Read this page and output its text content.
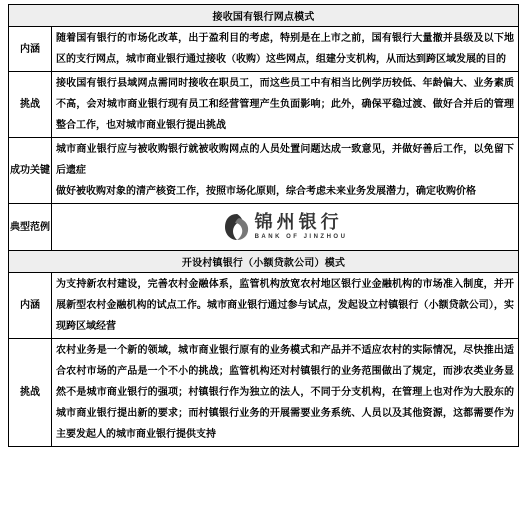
接收国有银行网点模式	
内涵	随着国有银行的市场化改革，出于盈利目的考虑，特别是在上市之前，国有银行大量撤并县级及以下地区的支行网点，城市商业银行通过接收（收购）这些网点，组建分支机构，从而达到跨区域发展的目的
挑战	接收国有银行县域网点需同时接收在职员工，而这些员工中有相当比例学历较低、年龄偏大、业务素质不高，会对城市商业银行现有员工和经营管理产生负面影响；此外，确保平稳过渡、做好合并后的管理整合工作，也对城市商业银行提出挑战
成功关键	城市商业银行应与被收购银行就被收购网点的人员处置问题达成一致意见，并做好善后工作，以免留下后遗症
做好被收购对象的清产核资工作，按照市场化原则，综合考虑未来业务发展潜力，确定收购价格

典型范例	锦州银行
BANK OF JINZHOU

开设村镇银行（小额贷款公司）模式	
内涵	为支持新农村建设，完善农村金融体系，监管机构放宽农村地区银行业金融机构的市场准入制度，并开展新型农村金融机构的试点工作。城市商业银行通过参与试点，发起设立村镇银行（小额贷款公司），实现跨区域经营
挑战	农村业务是一个新的领域，城市商业银行原有的业务模式和产品并不适应农村的实际情况，尽快推出适合农村市场的产品是一个不小的挑战；监管机构还对村镇银行的业务范围做出了规定，而涉农类业务显然不是城市商业银行的强项；村镇银行作为独立的法人，不同于分支机构，在管理上也对作为大股东的城市商业银行提出新的要求；而村镇银行业务的开展需要业务系统、人员以及其他资源，这都需要作为主要发起人的城市商业银行提供支持
